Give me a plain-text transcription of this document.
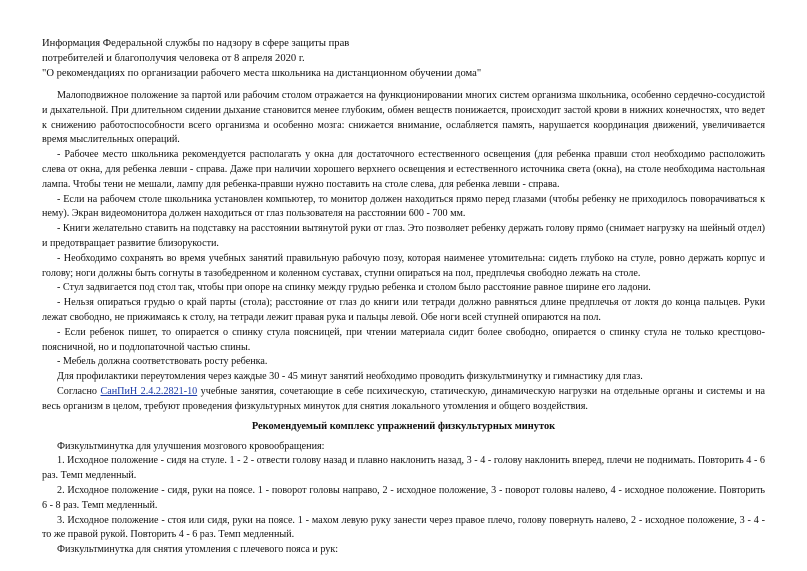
Информация Федеральной службы по надзору в сфере защиты прав

потребителей и благополучия человека от 8 апреля 2020 г.

"О рекомендациях по организации рабочего места школьника на дистанционном обучении дома"

Малоподвижное положение за партой или рабочим столом отражается на функционировании многих систем организма школьника, особенно сердечно-сосудистой и дыхательной. При длительном сидении дыхание становится менее глубоким, обмен веществ понижается, происходит застой крови в нижних конечностях, что ведет к снижению работоспособности всего организма и особенно мозга: снижается внимание, ослабляется память, нарушается координация движений, увеличивается время мыслительных операций.

- Рабочее место школьника рекомендуется располагать у окна для достаточного естественного освещения (для ребенка правши стол необходимо расположить слева от окна, для ребенка левши - справа. Даже при наличии хорошего верхнего освещения и естественного источника света (окна), на столе необходима настольная лампа. Чтобы тени не мешали, лампу для ребенка-правши нужно поставить на столе слева, для ребенка левши - справа.

- Если на рабочем столе школьника установлен компьютер, то монитор должен находиться прямо перед глазами (чтобы ребенку не приходилось поворачиваться к нему). Экран видеомонитора должен находиться от глаз пользователя на расстоянии 600 - 700 мм.

- Книги желательно ставить на подставку на расстоянии вытянутой руки от глаз. Это позволяет ребенку держать голову прямо (снимает нагрузку на шейный отдел) и предотвращает развитие близорукости.

- Необходимо сохранять во время учебных занятий правильную рабочую позу, которая наименее утомительна: сидеть глубоко на стуле, ровно держать корпус и голову; ноги должны быть согнуты в тазобедренном и коленном суставах, ступни опираться на пол, предплечья свободно лежать на столе.

- Стул задвигается под стол так, чтобы при опоре на спинку между грудью ребенка и столом было расстояние равное ширине его ладони.

- Нельзя опираться грудью о край парты (стола); расстояние от глаз до книги или тетради должно равняться длине предплечья от локтя до конца пальцев. Руки лежат свободно, не прижимаясь к столу, на тетради лежит правая рука и пальцы левой. Обе ноги всей ступней опираются на пол.

- Если ребенок пишет, то опирается о спинку стула поясницей, при чтении материала сидит более свободно, опирается о спинку стула не только крестцово-поясничной, но и подлопаточной частью спины.

- Мебель должна соответствовать росту ребенка.

Для профилактики переутомления через каждые 30 - 45 минут занятий необходимо проводить физкультминутку и гимнастику для глаз.

Согласно СанПиН 2.4.2.2821-10 учебные занятия, сочетающие в себе психическую, статическую, динамическую нагрузки на отдельные органы и системы и на весь организм в целом, требуют проведения физкультурных минуток для снятия локального утомления и общего воздействия.

Рекомендуемый комплекс упражнений физкультурных минуток

Физкультминутка для улучшения мозгового кровообращения:

1. Исходное положение - сидя на стуле. 1 - 2 - отвести голову назад и плавно наклонить назад, 3 - 4 - голову наклонить вперед, плечи не поднимать. Повторить 4 - 6 раз. Темп медленный.

2. Исходное положение - сидя, руки на поясе. 1 - поворот головы направо, 2 - исходное положение, 3 - поворот головы налево, 4 - исходное положение. Повторить 6 - 8 раз. Темп медленный.

3. Исходное положение - стоя или сидя, руки на поясе. 1 - махом левую руку занести через правое плечо, голову повернуть налево, 2 - исходное положение, 3 - 4 - то же правой рукой. Повторить 4 - 6 раз. Темп медленный.

Физкультминутка для снятия утомления с плечевого пояса и рук:
